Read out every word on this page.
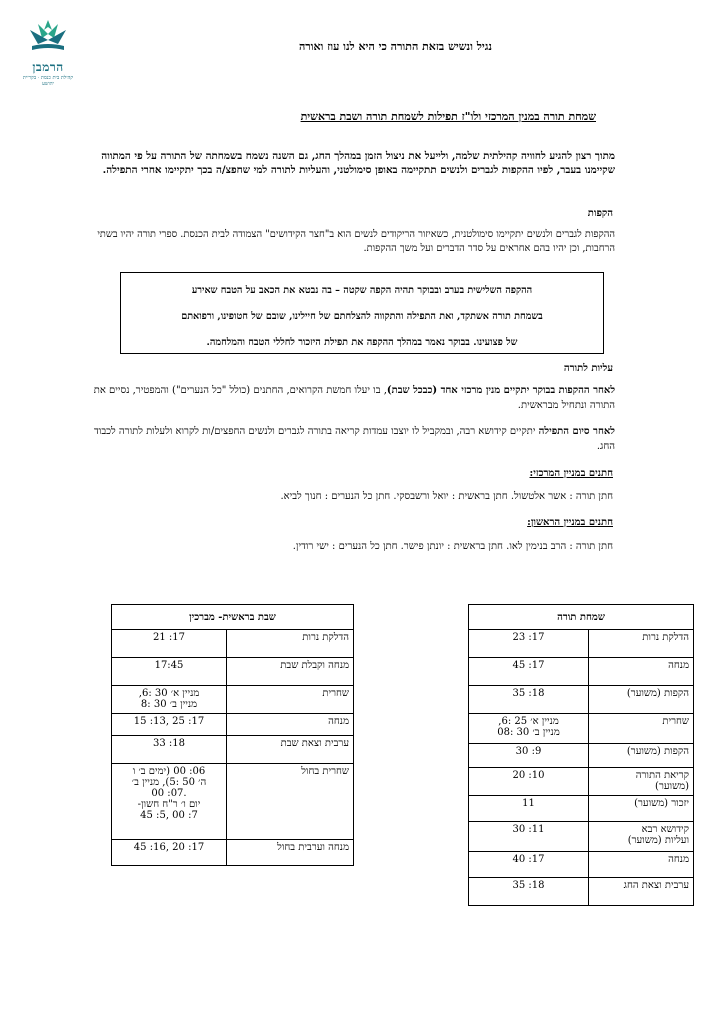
הרמבן
קהילת בית כנסת · בקריית יהושע
נגיל ונשיש בזאת התורה כי היא לנו עוז ואורה
שמחת תורה במנין המרכזי ולו"ז תפילות לשמחת תורה ושבת בראשית
מתוך רצון להגיע לחוויה קהילתית שלמה, ולייעל את ניצול הזמן במהלך החג, גם השנה נשמח בשמחתה של התורה על פי המתווה שקיימנו בעבר, לפיו ההקפות לגברים ולנשים תתקיימה באופן סימולטני, והעליות לתורה למי שחפצ/ה בכך יתקיימו אחרי התפילה.
הקפות
ההקפות לגברים ולנשים יתקיימו סימולטנית, כשאיזור הריקודים לנשים הוא ב"חצר הקידושים" הצמודה לבית הכנסת. ספרי תורה יהיו בשתי הרחבות, וכן יהיו בהם אחראים על סדר הדברים ועל משך ההקפות.
ההקפה השלישית בערב ובבוקר תהיה הקפה שקטה – בה נבטא את הכאב על הטבח שאירע
בשמחת תורה אשתקד, ואת התפילה והתקווה להצלחתם של חיילינו, שובם של חטופינו, ורפואתם
של פצועינו. בבוקר נאמר במהלך ההקפה את תפילת היזכור לחללי הטבח והמלחמה.
עליות לתורה
לאחר ההקפות בבוקר יתקיים מנין מרכזי אחד (כבכל שבת), בו יעלו חמשת הקרואים, החתנים (כולל "כל הנערים") והמפטיר, נסיים את התורה ונתחיל מבראשית.
לאחר סיום התפילה יתקיים קידושא רבה, ובמקביל לו יוצבו עמדות קריאה בתורה לגברים ולנשים החפצים/ות לקרוא ולעלות לתורה לכבוד החג.
חתנים במניין המרכזי:
חתן תורה : אשר אלטשול. חתן בראשית : יואל ורשבסקי. חתן כל הנערים : חנוך לביא.
חתנים במניין הראשון:
חתן תורה : הרב בנימין לאו. חתן בראשית : יונתן פישר. חתן כל הנערים : ישי רודין.
שבת בראשית- מברכין	
הדלקת נרות	17: 21
מנחה וקבלת שבת	17:45
שחרית	מניין א׳ 30 :6,
מניין ב׳ 30 :8
מנחה	17: 25 ,13: 15
ערבית וצאת שבת	18: 33
שחרית בחול	06: 00 (ימים ב׳ ו
ה׳ 50 :5), מניין ב׳
.07: 00
יום ו׳ ר"ח חשון-
7: 00 ,5: 45
מנחה וערבית בחול	17: 20 ,16: 45
שמחת תורה	
הדלקת נרות	17: 23
מנחה	17: 45
הקפות (משוער)	18: 35
שחרית	מניין א׳ 25 :6,
מניין ב׳ 30 :08
הקפות (משוער)	9: 30
קריאת התורה
(משוער)	10: 20
יזכור (משוער)	11
קידושא רבא
ועליות (משוער)	11: 30
מנחה	17: 40
ערבית וצאת החג	18: 35
